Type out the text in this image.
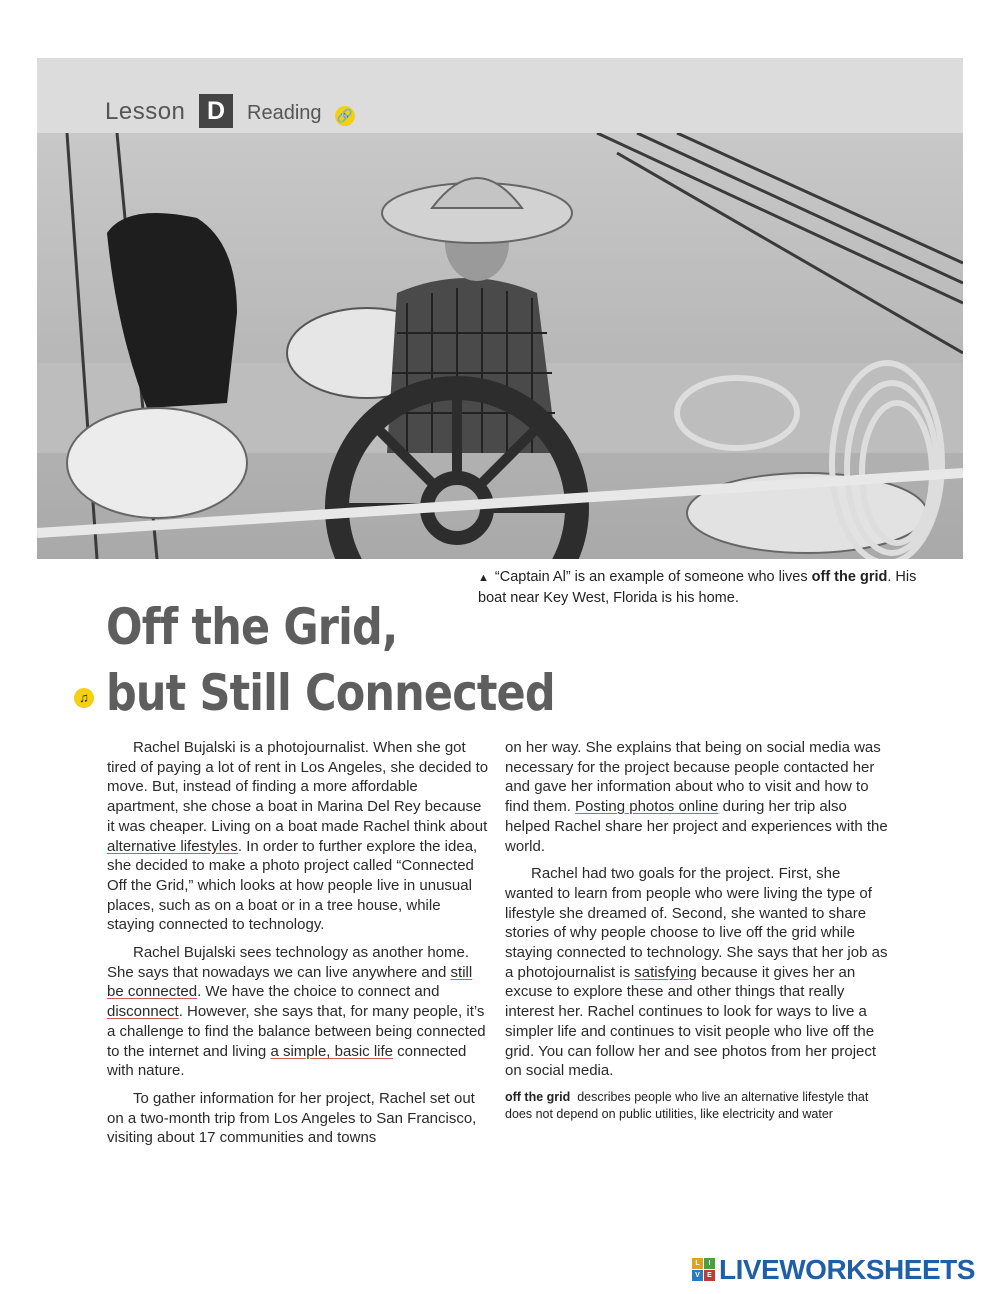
Lesson D	Reading 🔗
▲ “Captain Al” is an example of someone who lives off the grid. His boat near Key West, Florida is his home.
Off the Grid,
but Still Connected
♫

Rachel Bujalski is a photojournalist. When she got tired of paying a lot of rent in Los Angeles, she decided to move. But, instead of finding a more affordable apartment, she chose a boat in Marina Del Rey because it was cheaper. Living on a boat made Rachel think about alternative lifestyles. In order to further explore the idea, she decided to make a photo project called “Connected Off the Grid,” which looks at how people live in unusual places, such as on a boat or in a tree house, while staying connected to technology.

Rachel Bujalski sees technology as another home. She says that nowadays we can live anywhere and still be connected. We have the choice to connect and disconnect. However, she says that, for many people, it’s a challenge to find the balance between being connected to the internet and living a simple, basic life connected with nature.

To gather information for her project, Rachel set out on a two-month trip from Los Angeles to San Francisco, visiting about 17 communities and towns

on her way. She explains that being on social media was necessary for the project because people contacted her and gave her information about who to visit and how to find them. Posting photos online during her trip also helped Rachel share her project and experiences with the world.

Rachel had two goals for the project. First, she wanted to learn from people who were living the type of lifestyle she dreamed of. Second, she wanted to share stories of why people choose to live off the grid while staying connected to technology. She says that her job as a photojournalist is satisfying because it gives her an excuse to explore these and other things that really interest her. Rachel continues to look for ways to live a simpler life and continues to visit people who live off the grid. You can follow her and see photos from her project on social media.

off the grid describes people who live an alternative lifestyle that does not depend on public utilities, like electricity and water
L	I
V	E LIVEWORKSHEETS
